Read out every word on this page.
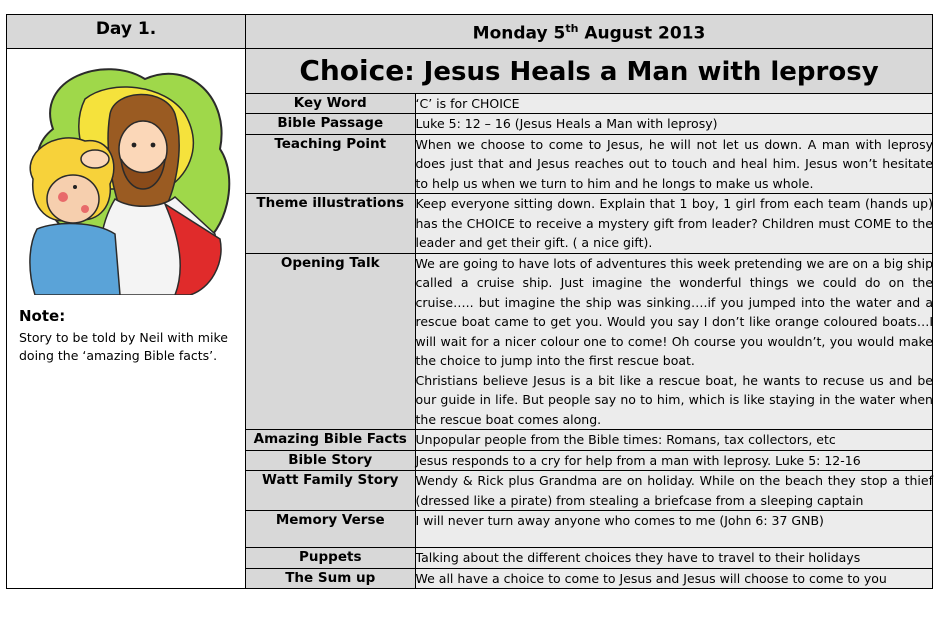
Day 1.	Monday 5th August 2013

Note:
Story to be told by Neil with mike doing the ‘amazing Bible facts’.

Choice: Jesus Heals a Man with leprosy
Key Word	‘C’ is for CHOICE
Bible Passage	Luke 5: 12 – 16 (Jesus Heals a Man with leprosy)
Teaching Point	When we choose to come to Jesus, he will not let us down. A man with leprosy does just that and Jesus reaches out to touch and heal him. Jesus won’t hesitate to help us when we turn to him and he longs to make us whole.
Theme illustrations	Keep everyone sitting down. Explain that 1 boy, 1 girl from each team (hands up) has the CHOICE to receive a mystery gift from leader? Children must COME to the leader and get their gift. ( a nice gift).
Opening Talk	We are going to have lots of adventures this week pretending we are on a big ship called a cruise ship. Just imagine the wonderful things we could do on the cruise….. but imagine the ship was sinking….if you jumped into the water and a rescue boat came to get you. Would you say I don’t like orange coloured boats…I will wait for a nicer colour one to come! Oh course you wouldn’t, you would make the choice to jump into the first rescue boat.
Christians believe Jesus is a bit like a rescue boat, he wants to recuse us and be our guide in life. But people say no to him, which is like staying in the water when the rescue boat comes along.

Amazing Bible Facts	Unpopular people from the Bible times: Romans, tax collectors, etc
Bible Story	Jesus responds to a cry for help from a man with leprosy. Luke 5: 12-16
Watt Family Story	Wendy & Rick plus Grandma are on holiday. While on the beach they stop a thief (dressed like a pirate) from stealing a briefcase from a sleeping captain
Memory Verse	I will never turn away anyone who comes to me (John 6: 37 GNB)
Puppets	Talking about the different choices they have to travel to their holidays
The Sum up	We all have a choice to come to Jesus and Jesus will choose to come to you
